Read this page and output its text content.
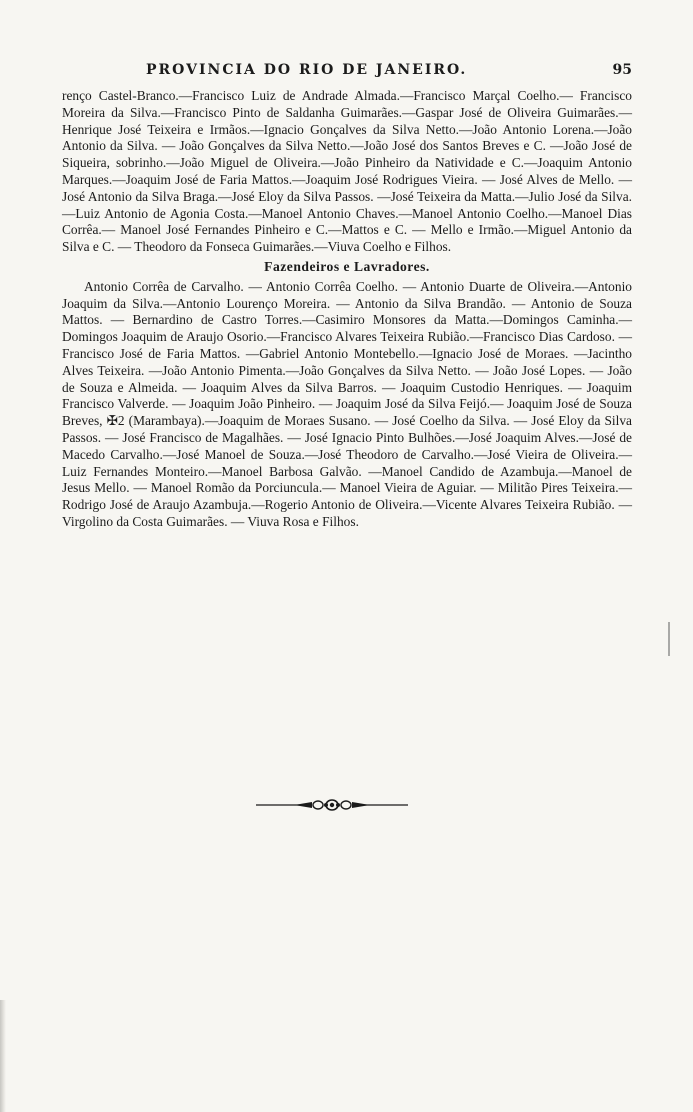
PROVINCIA DO RIO DE JANEIRO.	95

renço Castel-Branco.—Francisco Luiz de Andrade Almada.—Francisco Marçal Coelho.— Francisco Moreira da Silva.—Francisco Pinto de Saldanha Guimarães.—Gaspar José de Oliveira Guimarães.—Henrique José Teixeira e Irmãos.—Ignacio Gonçalves da Silva Netto.—João Antonio Lorena.—João Antonio da Silva. — João Gonçalves da Silva Netto.—João José dos Santos Breves e C. —João José de Siqueira, sobrinho.—João Miguel de Oliveira.—João Pinheiro da Natividade e C.—Joaquim Antonio Marques.—Joaquim José de Faria Mattos.—Joaquim José Rodrigues Vieira. — José Alves de Mello. —José Antonio da Silva Braga.—José Eloy da Silva Passos. —José Teixeira da Matta.—Julio José da Silva.—Luiz Antonio de Agonia Costa.—Manoel Antonio Chaves.—Manoel Antonio Coelho.—Manoel Dias Corrêa.— Manoel José Fernandes Pinheiro e C.—Mattos e C. — Mello e Irmão.—Miguel Antonio da Silva e C. — Theodoro da Fonseca Guimarães.—Viuva Coelho e Filhos.

Fazendeiros e Lavradores.

Antonio Corrêa de Carvalho. — Antonio Corrêa Coelho. — Antonio Duarte de Oliveira.—Antonio Joaquim da Silva.—Antonio Lourenço Moreira. — Antonio da Silva Brandão. — Antonio de Souza Mattos. — Bernardino de Castro Torres.—Casimiro Monsores da Matta.—Domingos Caminha.—Domingos Joaquim de Araujo Osorio.—Francisco Alvares Teixeira Rubião.—Francisco Dias Cardoso. — Francisco José de Faria Mattos. —Gabriel Antonio Montebello.—Ignacio José de Moraes. —Jacintho Alves Teixeira. —João Antonio Pimenta.—João Gonçalves da Silva Netto. — João José Lopes. — João de Souza e Almeida. — Joaquim Alves da Silva Barros. — Joaquim Custodio Henriques. — Joaquim Francisco Valverde. — Joaquim João Pinheiro. — Joaquim José da Silva Feijó.— Joaquim José de Souza Breves, ✠2 (Marambaya).—Joaquim de Moraes Susano. — José Coelho da Silva. — José Eloy da Silva Passos. — José Francisco de Magalhães. — José Ignacio Pinto Bulhões.—José Joaquim Alves.—José de Macedo Carvalho.—José Manoel de Souza.—José Theodoro de Carvalho.—José Vieira de Oliveira.—Luiz Fernandes Monteiro.—Manoel Barbosa Galvão. —Manoel Candido de Azambuja.—Manoel de Jesus Mello. — Manoel Romão da Porciuncula.— Manoel Vieira de Aguiar. — Militão Pires Teixeira.—Rodrigo José de Araujo Azambuja.—Rogerio Antonio de Oliveira.—Vicente Alvares Teixeira Rubião. — Virgolino da Costa Guimarães. — Viuva Rosa e Filhos.
